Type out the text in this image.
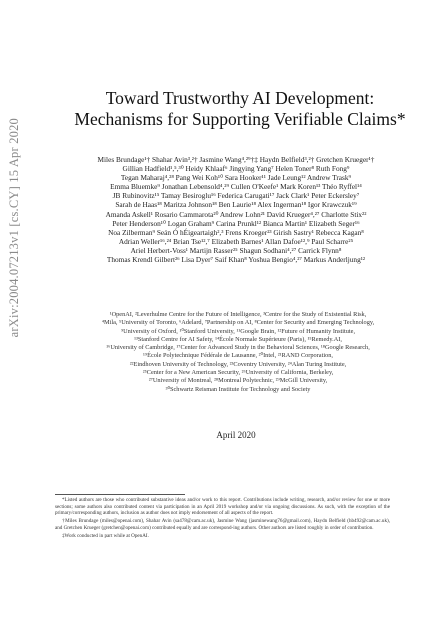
arXiv:2004.07213v1 [cs.CY] 15 Apr 2020
Toward Trustworthy AI Development:
Mechanisms for Supporting Verifiable Claims*
Miles Brundage¹† Shahar Avin³,²† Jasmine Wang⁴,²⁹†‡ Haydn Belfield³,²† Gretchen Krueger¹†
Gillian Hadfield¹,⁵,³⁰ Heidy Khlaaf⁶ Jingying Yang⁷ Helen Toner⁸ Ruth Fong⁹
Tegan Maharaj⁴,²⁸ Pang Wei Koh¹⁰ Sara Hooker¹¹ Jade Leung¹² Andrew Trask⁹
Emma Bluemke⁹ Jonathan Lebensold⁴,²⁹ Cullen O'Keefe¹ Mark Koren¹³ Théo Ryffel¹⁴
JB Rubinovitz¹⁵ Tamay Besiroglu¹⁶ Federica Carugati¹⁷ Jack Clark¹ Peter Eckersley⁷
Sarah de Haas¹⁸ Maritza Johnson¹⁸ Ben Laurie¹⁸ Alex Ingerman¹⁸ Igor Krawczuk¹⁹
Amanda Askell¹ Rosario Cammarota²⁰ Andrew Lohn²¹ David Krueger⁴,²⁷ Charlotte Stix²²
Peter Henderson¹⁰ Logan Graham⁹ Carina Prunkl¹² Bianca Martin¹ Elizabeth Seger¹⁶
Noa Zilberman⁹ Seán Ó hÉigeartaigh²,³ Frens Kroeger²³ Girish Sastry¹ Rebecca Kagan⁸
Adrian Weller¹⁶,²⁴ Brian Tse¹²,⁷ Elizabeth Barnes¹ Allan Dafoe¹²,⁹ Paul Scharre²⁵
Ariel Herbert-Voss¹ Martijn Rasser²⁵ Shagun Sodhani⁴,²⁷ Carrick Flynn⁸
Thomas Krendl Gilbert²⁶ Lisa Dyer⁷ Saif Khan⁸ Yoshua Bengio⁴,²⁷ Markus Anderljung¹²
¹OpenAI, ²Leverhulme Centre for the Future of Intelligence, ³Centre for the Study of Existential Risk,
⁴Mila, ⁵University of Toronto, ⁶Adelard, ⁷Partnership on AI, ⁸Center for Security and Emerging Technology,
⁹University of Oxford, ¹⁰Stanford University, ¹¹Google Brain, ¹²Future of Humanity Institute,
¹³Stanford Centre for AI Safety, ¹⁴École Normale Supérieure (Paris), ¹⁵Remedy.AI,
¹⁶University of Cambridge, ¹⁷Center for Advanced Study in the Behavioral Sciences, ¹⁸Google Research,
¹⁹École Polytechnique Fédérale de Lausanne, ²⁰Intel, ²¹RAND Corporation,
²²Eindhoven University of Technology, ²³Coventry University, ²⁴Alan Turing Institute,
²⁵Center for a New American Security, ²⁶University of California, Berkeley,
²⁷University of Montreal, ²⁸Montreal Polytechnic, ²⁹McGill University,
³⁰Schwartz Reisman Institute for Technology and Society
April 2020

*Listed authors are those who contributed substantive ideas and/or work to this report. Contributions include writing, research, and/or review for one or more sections; some authors also contributed content via participation in an April 2019 workshop and/or via ongoing discussions. As such, with the exception of the primary/corresponding authors, inclusion as author does not imply endorsement of all aspects of the report.

†Miles Brundage (miles@openai.com), Shahar Avin (sa478@cam.ac.uk), Jasmine Wang (jasminewang76@gmail.com), Haydn Belfield (hb492@cam.ac.uk), and Gretchen Krueger (gretchen@openai.com) contributed equally and are correspond-ing authors. Other authors are listed roughly in order of contribution.

‡Work conducted in part while at OpenAI.
